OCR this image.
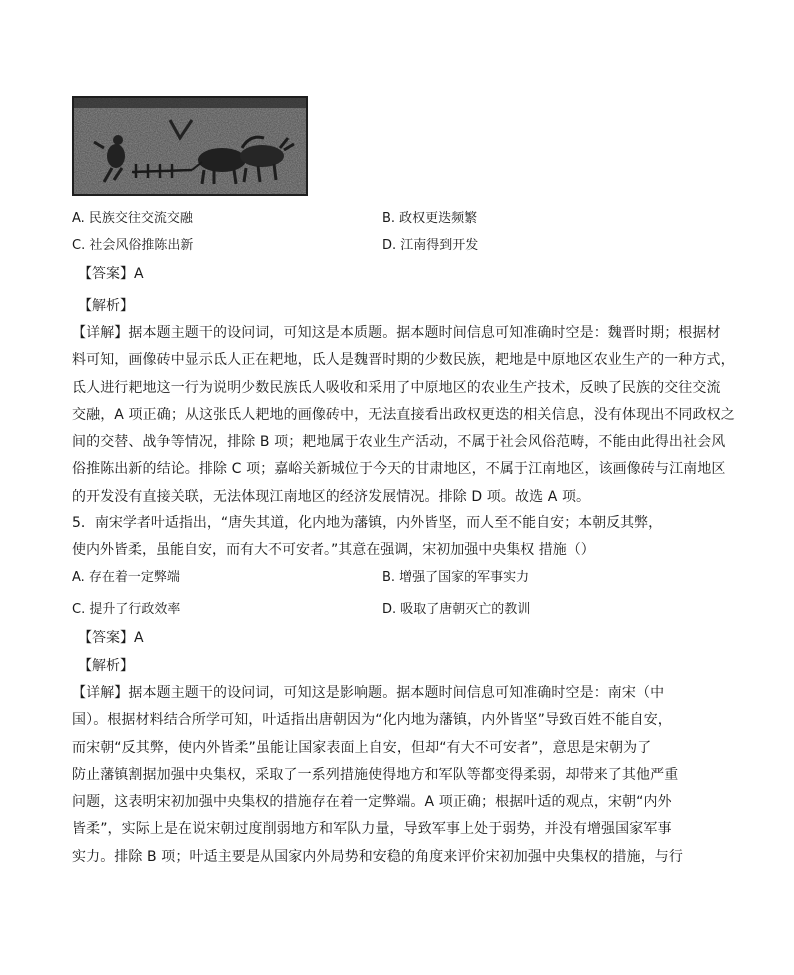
A. 民族交往交流交融	B. 政权更迭频繁
C. 社会风俗推陈出新	D. 江南得到开发
【答案】A
【解析】
【详解】据本题主题干的设问词，可知这是本质题。据本题时间信息可知准确时空是：魏晋时期；根据材
料可知，画像砖中显示氐人正在耙地，氐人是魏晋时期的少数民族，耙地是中原地区农业生产的一种方式，
氐人进行耙地这一行为说明少数民族氐人吸收和采用了中原地区的农业生产技术，反映了民族的交往交流
交融，A 项正确；从这张氐人耙地的画像砖中，无法直接看出政权更迭的相关信息，没有体现出不同政权之
间的交替、战争等情况，排除 B 项；耙地属于农业生产活动，不属于社会风俗范畴，不能由此得出社会风
俗推陈出新的结论。排除 C 项；嘉峪关新城位于今天的甘肃地区，不属于江南地区，该画像砖与江南地区
的开发没有直接关联，无法体现江南地区的经济发展情况。排除 D 项。故选 A 项。
5．南宋学者叶适指出，“唐失其道，化内地为藩镇，内外皆坚，而人至不能自安；本朝反其弊，
使内外皆柔，虽能自安，而有大不可安者。”其意在强调，宋初加强中央集权 措施（）
A. 存在着一定弊端	B. 增强了国家的军事实力
C. 提升了行政效率	D. 吸取了唐朝灭亡的教训
【答案】A
【解析】
【详解】据本题主题干的设问词，可知这是影响题。据本题时间信息可知准确时空是：南宋（中
国）。根据材料结合所学可知，叶适指出唐朝因为“化内地为藩镇，内外皆坚”导致百姓不能自安，
而宋朝“反其弊，使内外皆柔”虽能让国家表面上自安，但却“有大不可安者”，意思是宋朝为了
防止藩镇割据加强中央集权，采取了一系列措施使得地方和军队等都变得柔弱，却带来了其他严重
问题，这表明宋初加强中央集权的措施存在着一定弊端。A 项正确；根据叶适的观点，宋朝“内外
皆柔”，实际上是在说宋朝过度削弱地方和军队力量，导致军事上处于弱势，并没有增强国家军事
实力。排除 B 项；叶适主要是从国家内外局势和安稳的角度来评价宋初加强中央集权的措施，与行
